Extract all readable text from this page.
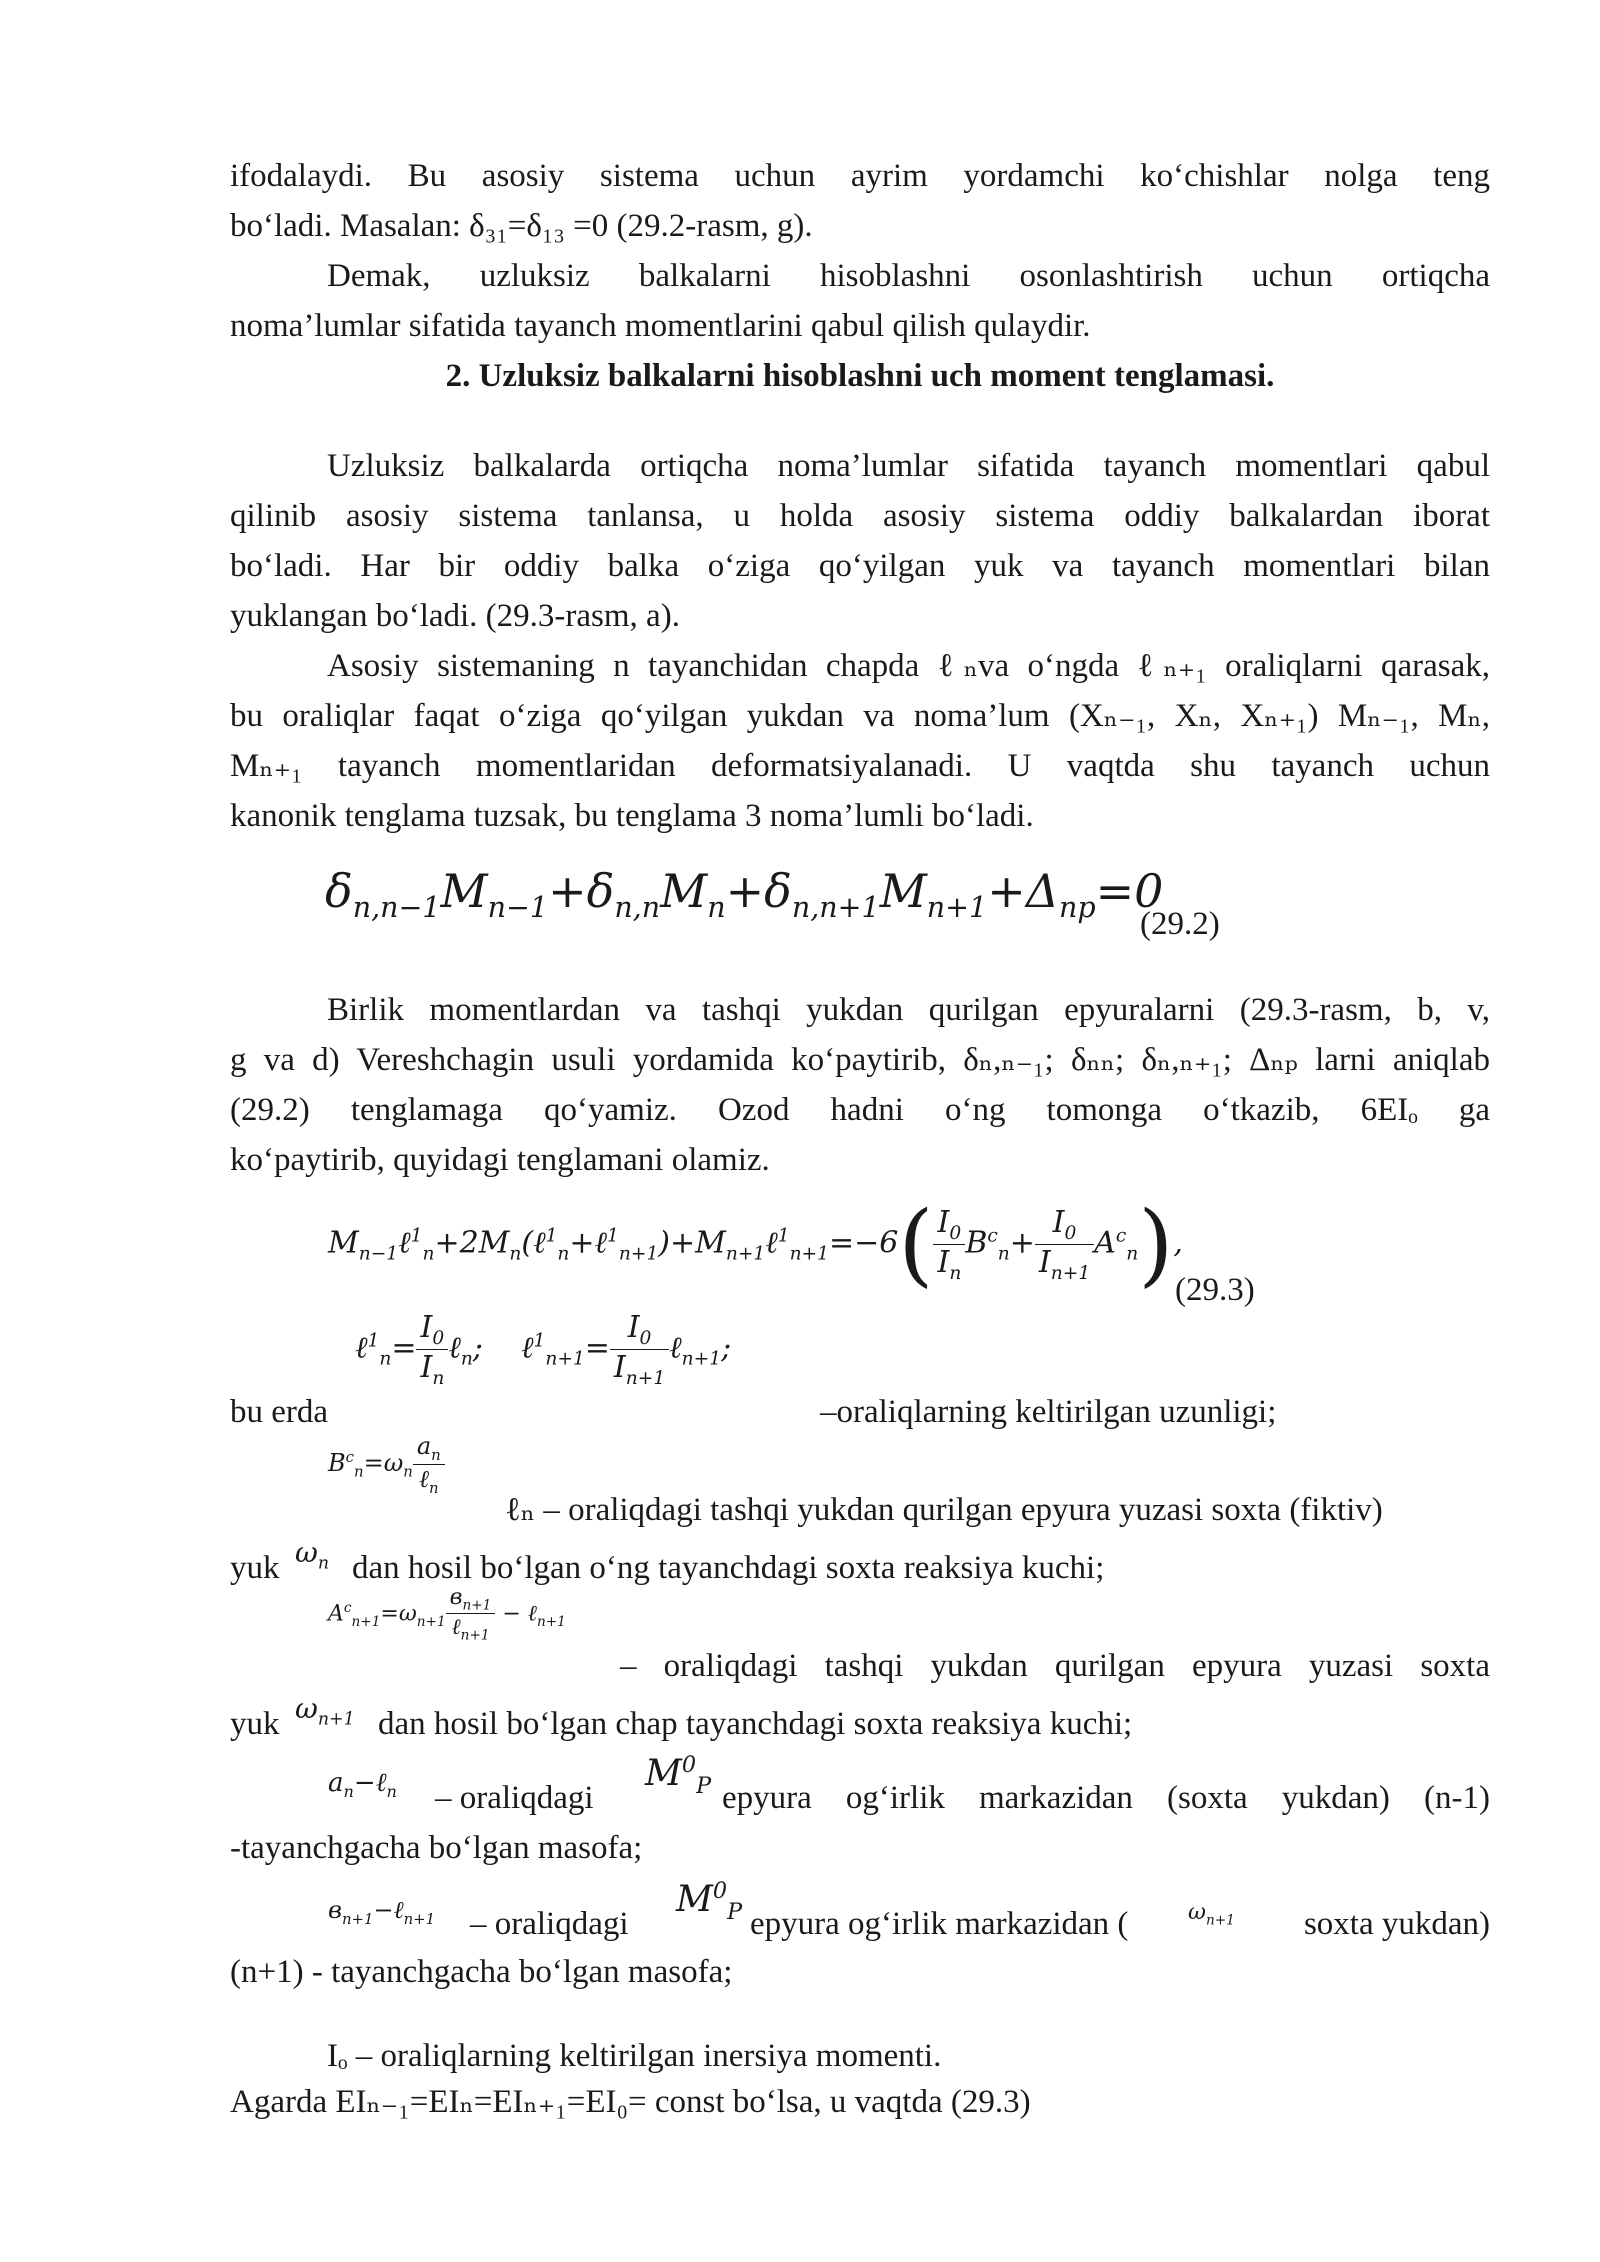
ifodalaydi. Bu asosiy sistema uchun ayrim yordamchi ko‘chishlar nolga teng
bo‘ladi. Masalan: δ₃₁=δ₁₃ =0 (29.2-rasm, g).
Demak, uzluksiz balkalarni hisoblashni osonlashtirish uchun ortiqcha
noma’lumlar sifatida tayanch momentlarini qabul qilish qulaydir.
2. Uzluksiz balkalarni hisoblashni uch moment tenglamasi.
Uzluksiz balkalarda ortiqcha noma’lumlar sifatida tayanch momentlari qabul
qilinib asosiy sistema tanlansa, u holda asosiy sistema oddiy balkalardan iborat
bo‘ladi. Har bir oddiy balka o‘ziga qo‘yilgan yuk va tayanch momentlari bilan
yuklangan bo‘ladi. (29.3-rasm, a).
Asosiy sistemaning n tayanchidan chapda ℓₙva o‘ngda ℓₙ₊₁ oraliqlarni qarasak,
bu oraliqlar faqat o‘ziga qo‘yilgan yukdan va noma’lum (Xₙ₋₁, Xₙ, Xₙ₊₁) Mₙ₋₁, Mₙ,
Mₙ₊₁ tayanch momentlaridan deformatsiyalanadi. U vaqtda shu tayanch uchun
kanonik tenglama tuzsak, bu tenglama 3 noma’lumli bo‘ladi.
$\delta_{n,n-1}M_{n-1}+\delta_{n,n}M_n+\delta_{n,n+1}M_{n+1}+\Delta_{np}=0$
(29.2)
Birlik momentlardan va tashqi yukdan qurilgan epyuralarni (29.3-rasm, b, v,
g va d) Vereshchagin usuli yordamida ko‘paytirib, δₙ,ₙ₋₁; δₙₙ; δₙ,ₙ₊₁; Δₙₚ larni aniqlab
(29.2) tenglamaga qo‘yamiz. Ozod hadni o‘ng tomonga o‘tkazib, 6EIₒ ga
ko‘paytirib, quyidagi tenglamani olamiz.
$M_{n-1}\ell^1_n+2M_n(\ell^1_n+\ell^1_{n+1})+M_{n+1}\ell^1_{n+1}=-6( \frac{I_0}{I_n} B^c_n+ \frac{I_0}{I_{n+1}} A^c_n)$,
(29.3)
ℓ$^1_n$= $\frac{I_0}{I_n}$ ℓ$_n$;    ℓ$^1_{n+1}$= $\frac{I_0}{I_{n+1}}$ ℓ$_{n+1}$;
bu erda	–oraliqlarning keltirilgan uzunligi;
$B^c_n=\omega_n \frac{a_n}{\ell_n}$
ℓₙ – oraliqdagi tashqi yukdan qurilgan epyura yuzasi soxta (fiktiv)
yuk $\omega_n$ dan hosil bo‘lgan o‘ng tayanchdagi soxta reaksiya kuchi;
$A^c_{n+1}=\omega_{n+1} \frac{в_{n+1}}{\ell_{n+1}}$ − ℓ$_{n+1}$
– oraliqdagi tashqi yukdan qurilgan epyura yuzasi soxta
yuk $\omega_{n+1}$ dan hosil bo‘lgan chap tayanchdagi soxta reaksiya kuchi;
$a_n-\ell_n$ – oraliqdagi
$M^0_P$ epyura og‘irlik markazidan (soxta yukdan) (n-1)
-tayanchgacha bo‘lgan masofa;
$в_{n+1}-\ell_{n+1}$ – oraliqdagi
$M^0_P$ epyura og‘irlik markazidan (	$\omega_{n+1}$	soxta yukdan)
(n+1) - tayanchgacha bo‘lgan masofa;
Iₒ – oraliqlarning keltirilgan inersiya momenti.
Agarda EIₙ₋₁=EIₙ=EIₙ₊₁=EI₀= const bo‘lsa, u vaqtda (29.3)
